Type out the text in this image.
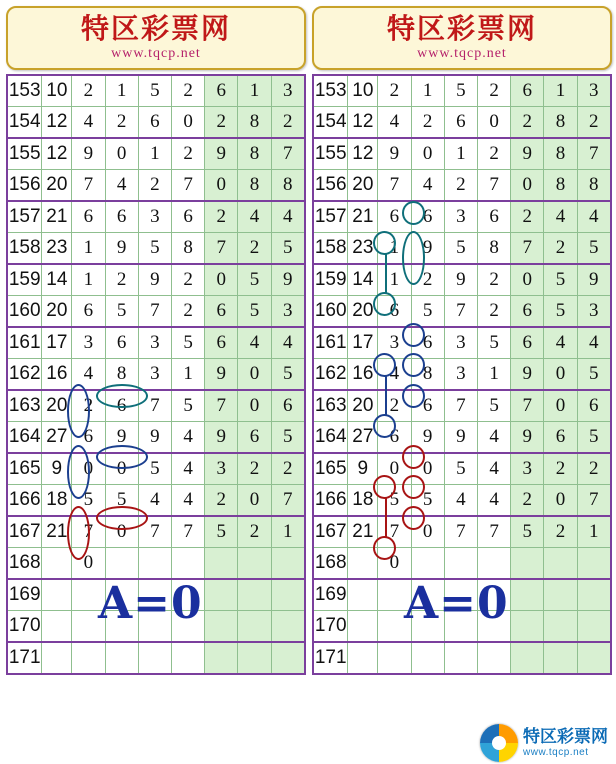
特区彩票网
www.tqcp.net
153	10	2	1	5	2	6	1	3
154	12	4	2	6	0	2	8	2
155	12	9	0	1	2	9	8	7
156	20	7	4	2	7	0	8	8
157	21	6	6	3	6	2	4	4
158	23	1	9	5	8	7	2	5
159	14	1	2	9	2	0	5	9
160	20	6	5	7	2	6	5	3
161	17	3	6	3	5	6	4	4
162	16	4	8	3	1	9	0	5
163	20	2	6	7	5	7	0	6
164	27	6	9	9	4	9	6	5
165	9	0	0	5	4	3	2	2
166	18	5	5	4	4	2	0	7
167	21	7	0	7	7	5	2	1
168		0						
169								
170								
171								
A=0
特区彩票网
www.tqcp.net
153	10	2	1	5	2	6	1	3
154	12	4	2	6	0	2	8	2
155	12	9	0	1	2	9	8	7
156	20	7	4	2	7	0	8	8
157	21	6	6	3	6	2	4	4
158	23	1	9	5	8	7	2	5
159	14	1	2	9	2	0	5	9
160	20	6	5	7	2	6	5	3
161	17	3	6	3	5	6	4	4
162	16	4	8	3	1	9	0	5
163	20	2	6	7	5	7	0	6
164	27	6	9	9	4	9	6	5
165	9	0	0	5	4	3	2	2
166	18	5	5	4	4	2	0	7
167	21	7	0	7	7	5	2	1
168		0						
169								
170								
171								
A=0
特区彩票网
www.tqcp.net
